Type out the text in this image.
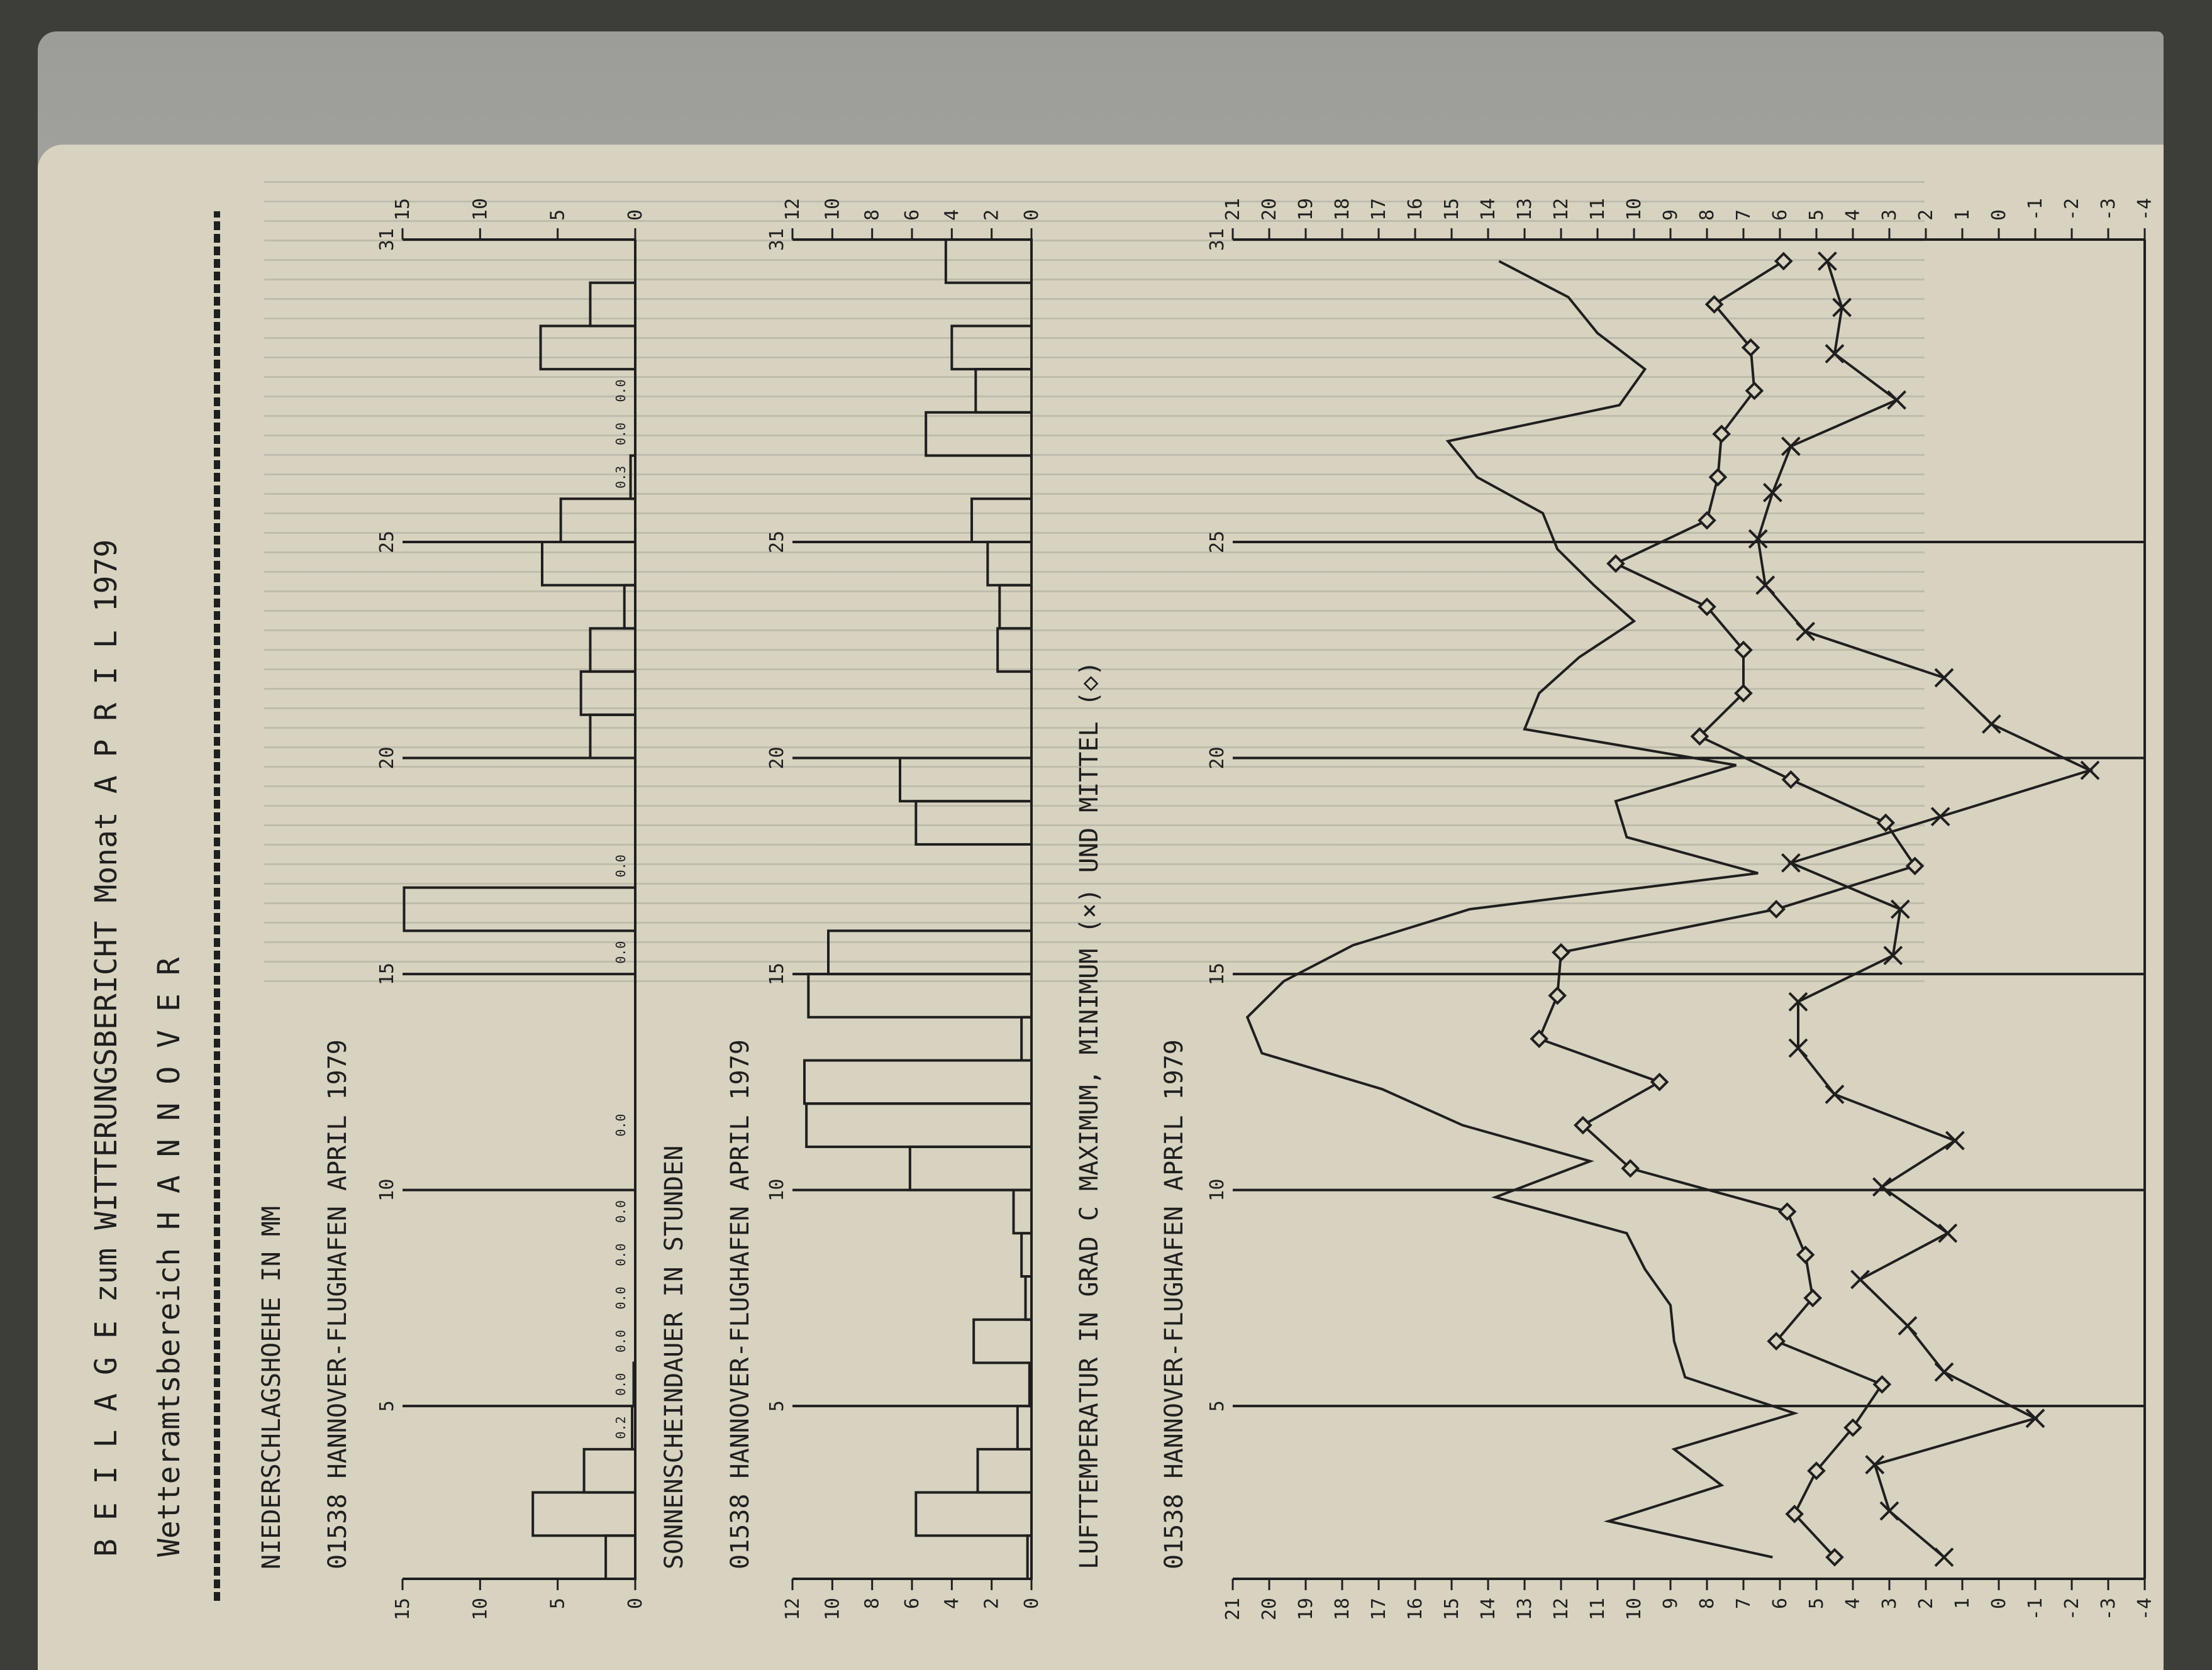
B E I L A G E zum WITTERUNGSBERICHT Monat A P R I L 1979 Wetteramtsbereich H A N N O V E R	NIEDERSCHLAGSHOEHE IN MM 01538 HANNOVER-FLUGHAFEN APRIL 1979 5
10
15
20
25
31
0
0
5
5
10
10
15
15
0.2
0.0
0.0
0.0
0.0
0.0
0.0
0.0
0.0
0.3
0.0
0.0
SONNENSCHEINDAUER IN STUNDEN 01538 HANNOVER-FLUGHAFEN APRIL 1979 5
10
15
20
25
31
0
0
2
2
4
4
6
6
8
8
10
10
12
12
LUFTTEMPERATUR IN GRAD C MAXIMUM, MINIMUM (×) UND MITTEL (◇) 01538 HANNOVER-FLUGHAFEN APRIL 1979 5
10
15
20
25
31
-4
-4
-3
-3
-2
-2
-1
-1
0
0
1
1
2
2
3
3
4
4
5
5
6
6
7
7
8
8
9
9
10
10
11
11
12
12
13
13
14
14
15
15
16
16
17
17
18
18
19
19
20
20
21
21
